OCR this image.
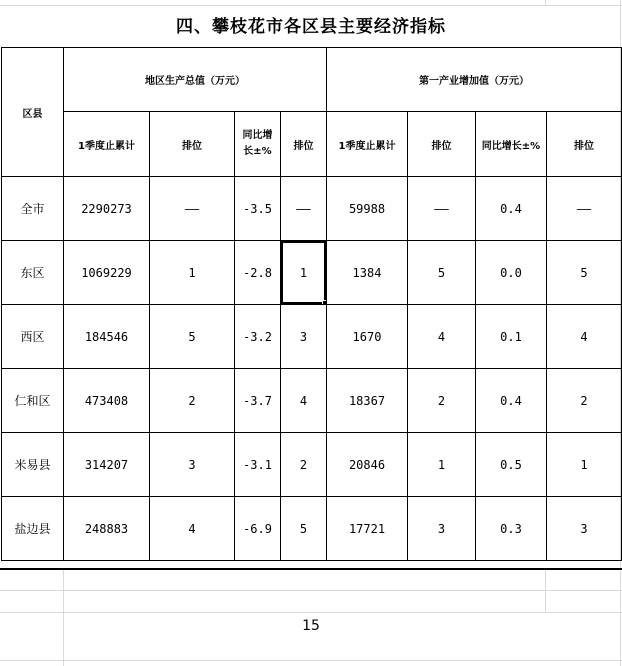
四、攀枝花市各区县主要经济指标
区县	地区生产总值（万元）				第一产业增加值（万元）			
	1季度止累计	排位	同比增长±%	排位	1季度止累计	排位	同比增长±%	排位
全市	2290273	——	-3.5	——	59988	——	0.4	——
东区	1069229	1	-2.8	1	1384	5	0.0	5
西区	184546	5	-3.2	3	1670	4	0.1	4
仁和区	473408	2	-3.7	4	18367	2	0.4	2
米易县	314207	3	-3.1	2	20846	1	0.5	1
盐边县	248883	4	-6.9	5	17721	3	0.3	3
15
